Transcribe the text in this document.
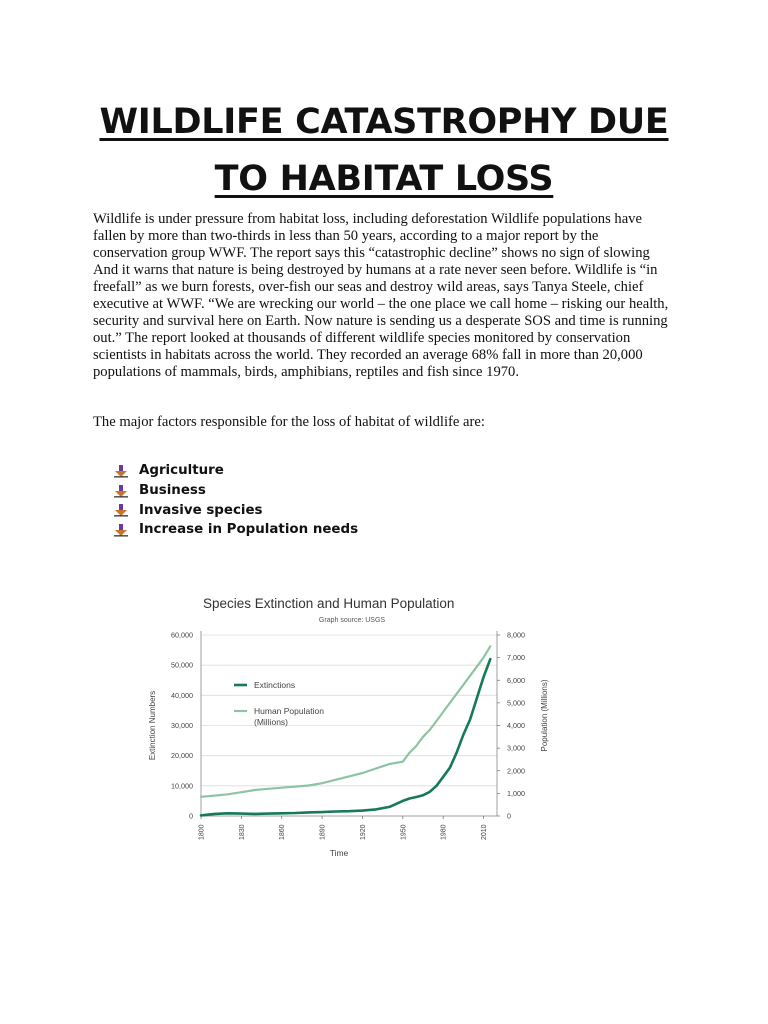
WILDLIFE CATASTROPHY DUE
TO HABITAT LOSS

Wildlife is under pressure from habitat loss, including deforestation Wildlife populations have fallen by more than two-thirds in less than 50 years, according to a major report by the conservation group WWF. The report says this “catastrophic decline” shows no sign of slowing And it warns that nature is being destroyed by humans at a rate never seen before. Wildlife is “in freefall” as we burn forests, over-fish our seas and destroy wild areas, says Tanya Steele, chief executive at WWF. “We are wrecking our world – the one place we call home – risking our health, security and survival here on Earth. Now nature is sending us a desperate SOS and time is running out.” The report looked at thousands of different wildlife species monitored by conservation scientists in habitats across the world. They recorded an average 68% fall in more than 20,000 populations of mammals, birds, amphibians, reptiles and fish since 1970.

The major factors responsible for the loss of habitat of wildlife are:

Agriculture
Business
Invasive species
Increase in Population needs
Species Extinction and Human Population
Graph source: USGS
0
10,000
20,000
30,000
40,000
50,000
60,000
0
1,000
2,000
3,000
4,000
5,000
6,000
7,000
8,000
1800	1830	1860	1890	1920	1950	1980	2010
Time
Extinction Numbers	Population (Millions)
Extinctions
Human Population
(Millions)
